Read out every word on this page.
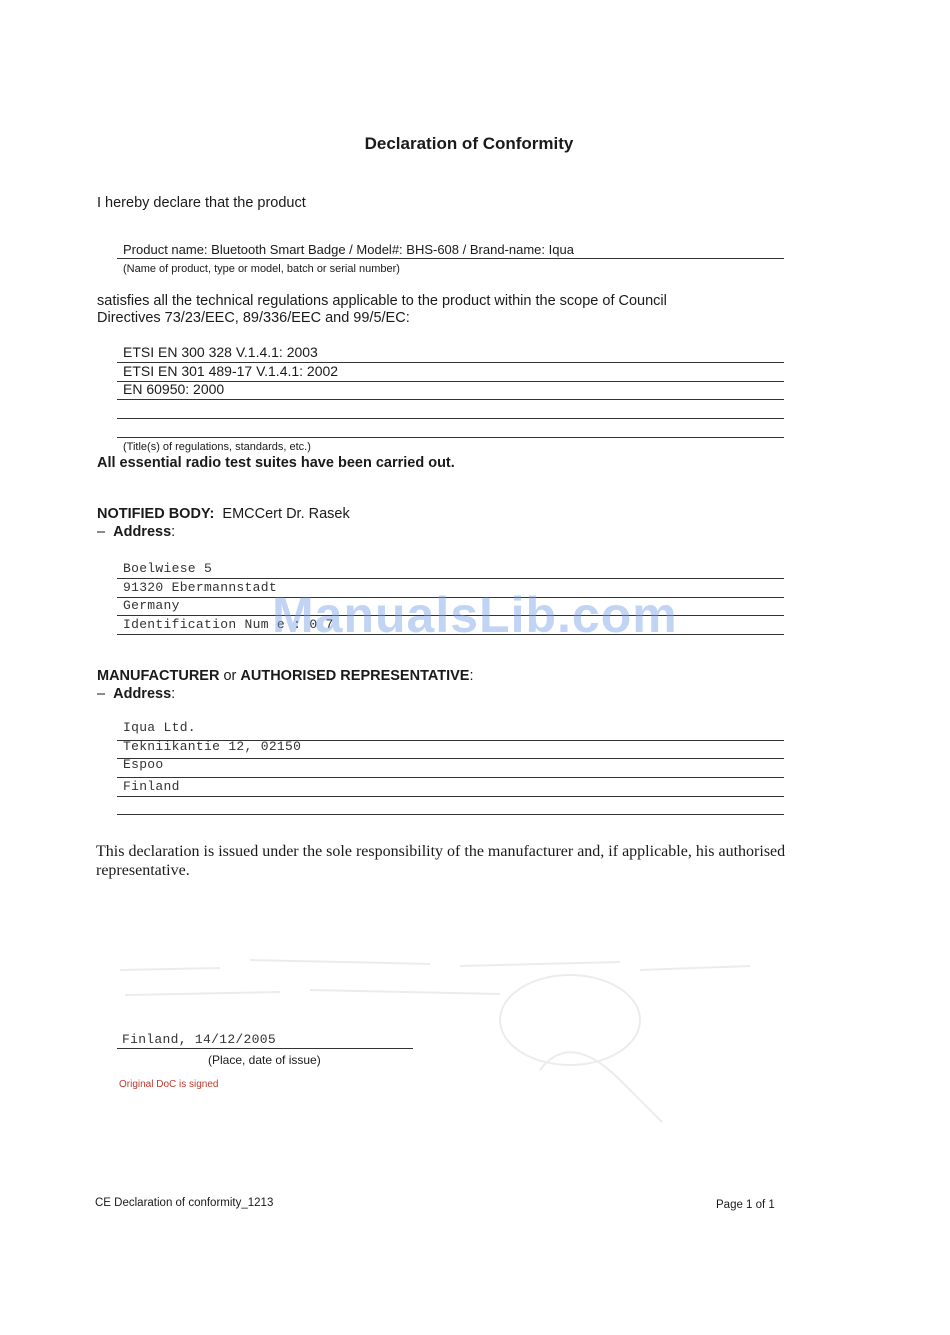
Declaration of Conformity
I hereby declare that the product
Product name: Bluetooth Smart Badge / Model#: BHS-608 / Brand-name: Iqua
(Name of product, type or model, batch or serial number)
satisfies all the technical regulations applicable to the product within the scope of Council
Directives 73/23/EEC, 89/336/EEC and 99/5/EC:
ETSI EN 300 328 V.1.4.1: 2003
ETSI EN 301 489-17 V.1.4.1: 2002
EN 60950: 2000
(Title(s) of regulations, standards, etc.)
All essential radio test suites have been carried out.
NOTIFIED BODY: EMCCert Dr. Rasek
–  Address:
Boelwiese 5
91320 Ebermannstadt
Germany
Identification Num e : 0 7
MANUFACTURER or AUTHORISED REPRESENTATIVE:
–  Address:
Iqua Ltd.
Tekniikantie 12, 02150
Espoo
Finland
This declaration is issued under the sole responsibility of the manufacturer and, if applicable, his authorised
representative.
Finland, 14/12/2005
(Place, date of issue)
Original DoC is signed
ManualsLib.com
CE Declaration of conformity_1213	Page 1 of 1
